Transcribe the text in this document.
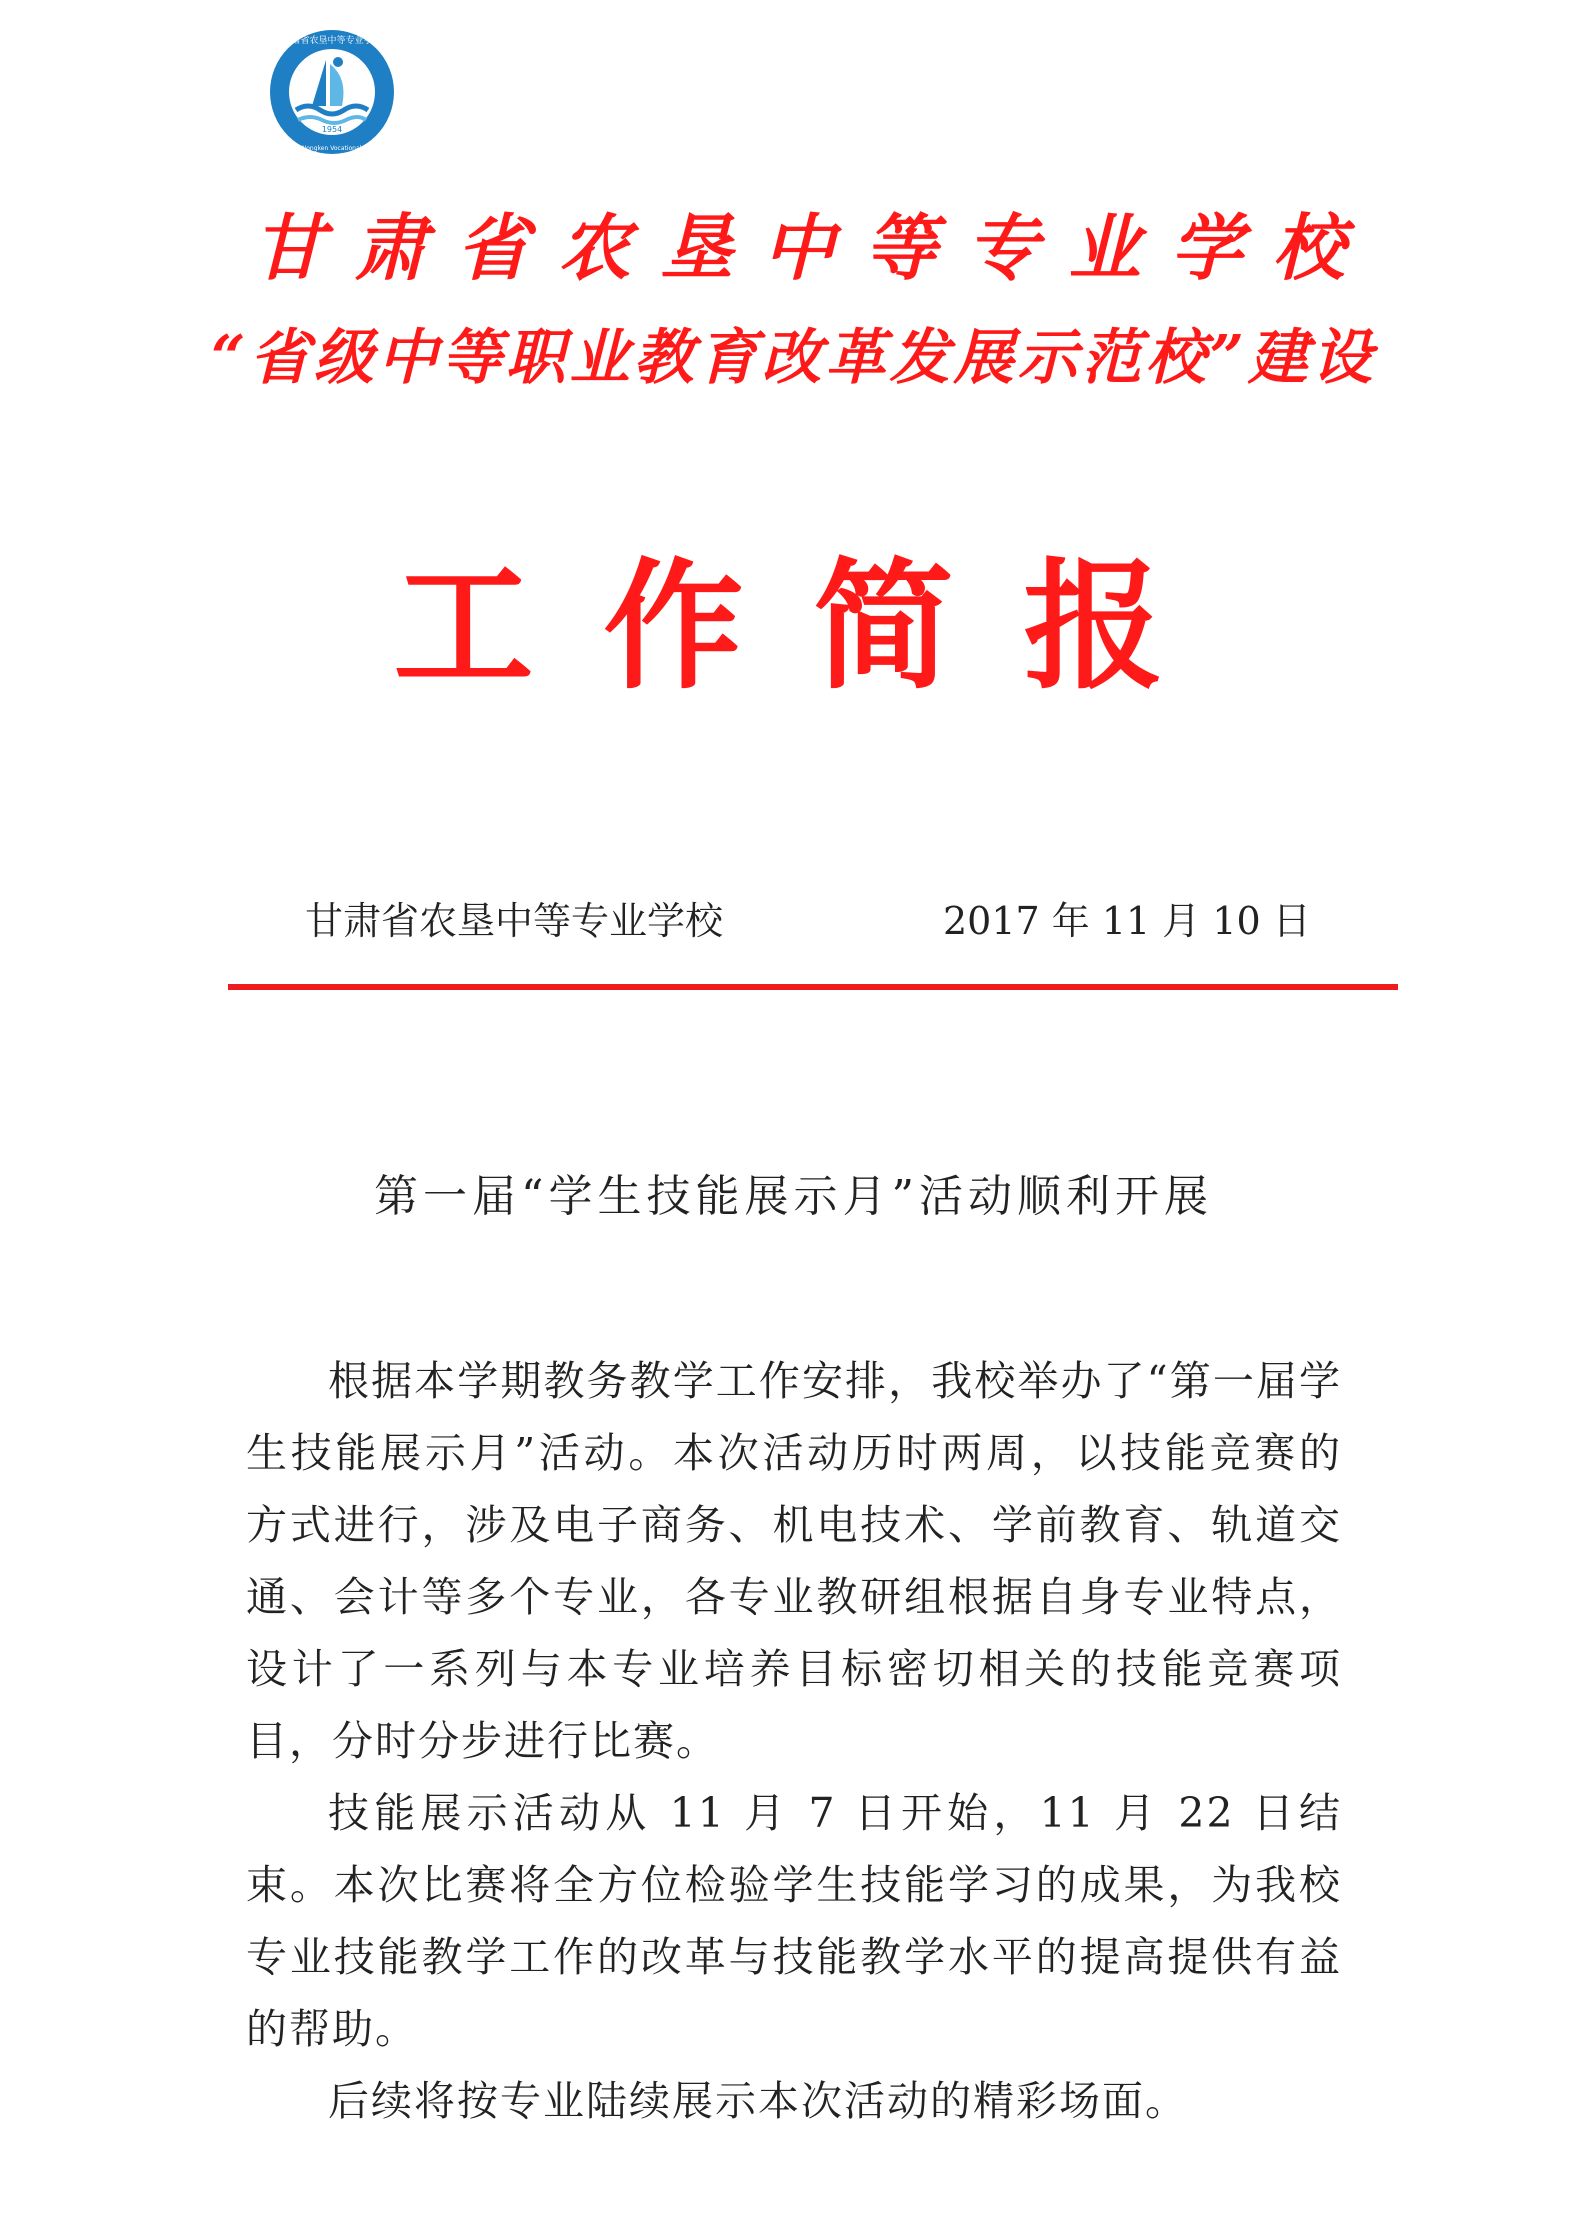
甘肃省农垦中等专业学校
Gansu Nongken Vocational School
1954
甘肃省农垦中等专业学校
“省级中等职业教育改革发展示范校”建设
工作简报
甘肃省农垦中等专业学校	2017 年 11 月 10 日
第一届“学生技能展示月”活动顺利开展

根据本学期教务教学工作安排，我校举办了“第一届学生技能展示月”活动。本次活动历时两周，以技能竞赛的方式进行，涉及电子商务、机电技术、学前教育、轨道交通、会计等多个专业，各专业教研组根据自身专业特点，设计了一系列与本专业培养目标密切相关的技能竞赛项目，分时分步进行比赛。

技能展示活动从 11 月 7 日开始，11 月 22 日结束。本次比赛将全方位检验学生技能学习的成果，为我校专业技能教学工作的改革与技能教学水平的提高提供有益的帮助。

后续将按专业陆续展示本次活动的精彩场面。
